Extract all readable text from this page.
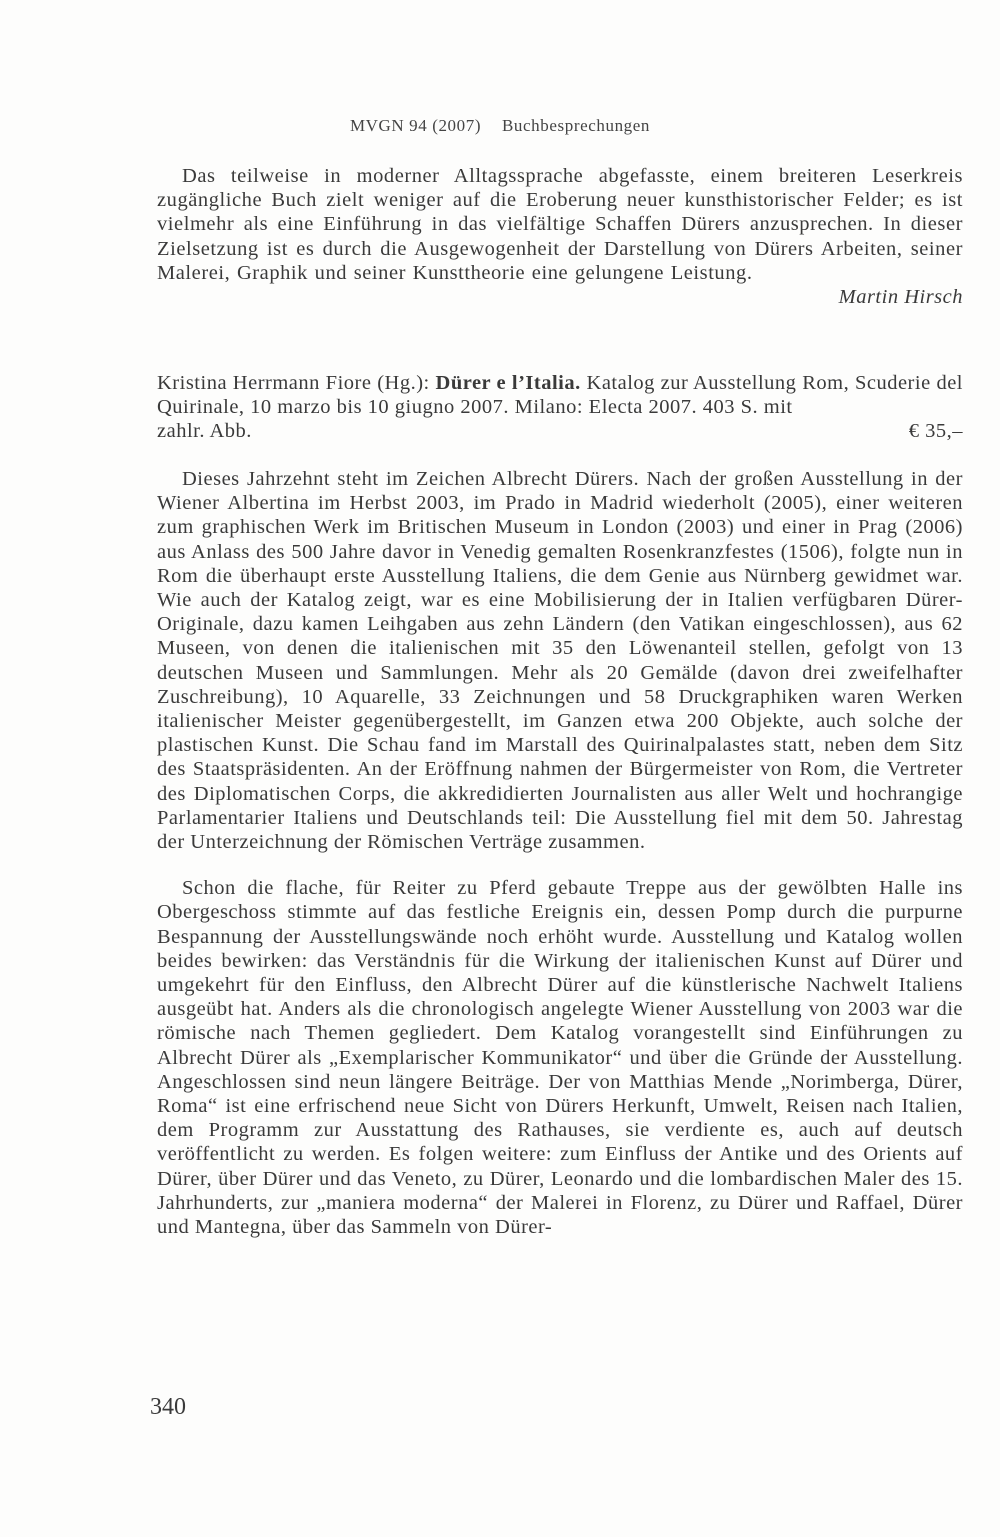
MVGN 94 (2007) Buchbesprechungen

Das teilweise in moderner Alltagssprache abgefasste, einem breiteren Leserkreis zugängliche Buch zielt weniger auf die Eroberung neuer kunsthistorischer Felder; es ist vielmehr als eine Einführung in das vielfältige Schaffen Dürers anzusprechen. In dieser Zielsetzung ist es durch die Ausgewogenheit der Darstellung von Dürers Arbeiten, seiner Malerei, Graphik und seiner Kunsttheorie eine gelungene Leistung.

Martin Hirsch
Kristina Herrmann Fiore (Hg.): Dürer e l’Italia. Katalog zur Ausstellung Rom, Scuderie del Quirinale, 10 marzo bis 10 giugno 2007. Milano: Electa 2007. 403 S. mit
zahlr. Abb.	€ 35,–

Dieses Jahrzehnt steht im Zeichen Albrecht Dürers. Nach der großen Ausstellung in der Wiener Albertina im Herbst 2003, im Prado in Madrid wiederholt (2005), einer weiteren zum graphischen Werk im Britischen Museum in London (2003) und einer in Prag (2006) aus Anlass des 500 Jahre davor in Venedig gemalten Rosenkranzfestes (1506), folgte nun in Rom die überhaupt erste Ausstellung Italiens, die dem Genie aus Nürnberg gewidmet war. Wie auch der Katalog zeigt, war es eine Mobilisierung der in Italien verfügbaren Dürer-Originale, dazu kamen Leihgaben aus zehn Ländern (den Vatikan eingeschlossen), aus 62 Museen, von denen die italienischen mit 35 den Löwenanteil stellen, gefolgt von 13 deutschen Museen und Sammlungen. Mehr als 20 Gemälde (davon drei zweifelhafter Zuschreibung), 10 Aquarelle, 33 Zeichnungen und 58 Druckgraphiken waren Werken italienischer Meister gegenübergestellt, im Ganzen etwa 200 Objekte, auch solche der plastischen Kunst. Die Schau fand im Marstall des Quirinalpalastes statt, neben dem Sitz des Staatspräsidenten. An der Eröffnung nahmen der Bürgermeister von Rom, die Vertreter des Diplomatischen Corps, die akkredidierten Journalisten aus aller Welt und hochrangige Parlamentarier Italiens und Deutschlands teil: Die Ausstellung fiel mit dem 50. Jahrestag der Unterzeichnung der Römischen Verträge zusammen.

Schon die flache, für Reiter zu Pferd gebaute Treppe aus der gewölbten Halle ins Obergeschoss stimmte auf das festliche Ereignis ein, dessen Pomp durch die purpurne Bespannung der Ausstellungswände noch erhöht wurde. Ausstellung und Katalog wollen beides bewirken: das Verständnis für die Wirkung der italienischen Kunst auf Dürer und umgekehrt für den Einfluss, den Albrecht Dürer auf die künstlerische Nachwelt Italiens ausgeübt hat. Anders als die chronologisch angelegte Wiener Ausstellung von 2003 war die römische nach Themen gegliedert. Dem Katalog vorangestellt sind Einführungen zu Albrecht Dürer als „Exemplarischer Kommunikator“ und über die Gründe der Ausstellung. Angeschlossen sind neun längere Beiträge. Der von Matthias Mende „Norimberga, Dürer, Roma“ ist eine erfrischend neue Sicht von Dürers Herkunft, Umwelt, Reisen nach Italien, dem Programm zur Ausstattung des Rathauses, sie verdiente es, auch auf deutsch veröffentlicht zu werden. Es folgen weitere: zum Einfluss der Antike und des Orients auf Dürer, über Dürer und das Veneto, zu Dürer, Leonardo und die lombardischen Maler des 15. Jahrhunderts, zur „maniera moderna“ der Malerei in Florenz, zu Dürer und Raffael, Dürer und Mantegna, über das Sammeln von Dürer-

340
